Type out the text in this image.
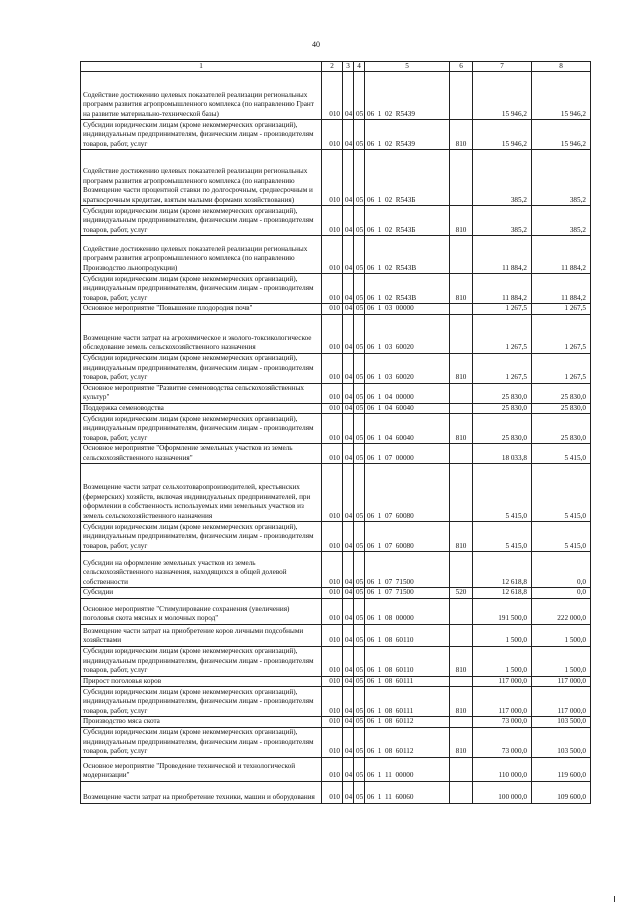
40
1	2	3	4	5	6	7	8
Содействие достижению целевых показателей реализации региональных программ развития агропромышленного комплекса (по направлению Грант на развитие материально-технической базы)	010	04	05	06  1  02  R5439		15 946,2	15 946,2
Субсидии юридическим лицам (кроме некоммерческих организаций), индивидуальным предпринимателям, физическим лицам - производителям товаров, работ, услуг	010	04	05	06  1  02  R5439	810	15 946,2	15 946,2
Содействие достижению целевых показателей реализации региональных программ развития агропромышленного комплекса (по направлению Возмещение части процентной ставки по долгосрочным, среднесрочным и краткосрочным кредитам, взятым малыми формами хозяйствования)	010	04	05	06  1  02  R543Б		385,2	385,2
Субсидии юридическим лицам (кроме некоммерческих организаций), индивидуальным предпринимателям, физическим лицам - производителям товаров, работ, услуг	010	04	05	06  1  02  R543Б	810	385,2	385,2
Содействие достижению целевых показателей реализации региональных программ развития агропромышленного комплекса (по направлению Производство льнопродукции)	010	04	05	06  1  02  R543В		11 884,2	11 884,2
Субсидии юридическим лицам (кроме некоммерческих организаций), индивидуальным предпринимателям, физическим лицам - производителям товаров, работ, услуг	010	04	05	06  1  02  R543В	810	11 884,2	11 884,2
Основное мероприятие "Повышение плодородия почв"	010	04	05	06  1  03  00000		1 267,5	1 267,5
Возмещение части затрат на агрохимическое и эколого-токсикологическое обследование земель сельскохозяйственного назначения	010	04	05	06  1  03  60020		1 267,5	1 267,5
Субсидии юридическим лицам (кроме некоммерческих организаций), индивидуальным предпринимателям, физическим лицам - производителям товаров, работ, услуг	010	04	05	06  1  03  60020	810	1 267,5	1 267,5
Основное мероприятие "Развитие семеноводства сельскохозяйственных культур"	010	04	05	06  1  04  00000		25 830,0	25 830,0
Поддержка семеноводства	010	04	05	06  1  04  60040		25 830,0	25 830,0
Субсидии юридическим лицам (кроме некоммерческих организаций), индивидуальным предпринимателям, физическим лицам - производителям товаров, работ, услуг	010	04	05	06  1  04  60040	810	25 830,0	25 830,0
Основное мероприятие "Оформление земельных участков из земель сельскохозяйственного назначения"	010	04	05	06  1  07  00000		18 033,8	5 415,0
Возмещение части затрат сельхозтоваропроизводителей, крестьянских (фермерских) хозяйств, включая индивидуальных предпринимателей, при оформлении в собственность используемых ими земельных участков из земель сельскохозяйственного назначения	010	04	05	06  1  07  60080		5 415,0	5 415,0
Субсидии юридическим лицам (кроме некоммерческих организаций), индивидуальным предпринимателям, физическим лицам - производителям товаров, работ, услуг	010	04	05	06  1  07  60080	810	5 415,0	5 415,0
Субсидии на оформление земельных участков из земель сельскохозяйственного назначения, находящихся в общей долевой собственности	010	04	05	06  1  07  71500		12 618,8	0,0
Субсидии	010	04	05	06  1  07  71500	520	12 618,8	0,0
Основное мероприятие "Стимулирование сохранения (увеличения) поголовья скота мясных и молочных пород"	010	04	05	06  1  08  00000		191 500,0	222 000,0
Возмещение части затрат на приобретение коров личными подсобными хозяйствами	010	04	05	06  1  08  60110		1 500,0	1 500,0
Субсидии юридическим лицам (кроме некоммерческих организаций), индивидуальным предпринимателям, физическим лицам - производителям товаров, работ, услуг	010	04	05	06  1  08  60110	810	1 500,0	1 500,0
Прирост поголовья коров	010	04	05	06  1  08  60111		117 000,0	117 000,0
Субсидии юридическим лицам (кроме некоммерческих организаций), индивидуальным предпринимателям, физическим лицам - производителям товаров, работ, услуг	010	04	05	06  1  08  60111	810	117 000,0	117 000,0
Производство мяса скота	010	04	05	06  1  08  60112		73 000,0	103 500,0
Субсидии юридическим лицам (кроме некоммерческих организаций), индивидуальным предпринимателям, физическим лицам - производителям товаров, работ, услуг	010	04	05	06  1  08  60112	810	73 000,0	103 500,0
Основное мероприятие "Проведение технической и технологической модернизации"	010	04	05	06  1  11  00000		110 000,0	119 600,0
Возмещение части затрат на приобретение техники, машин и оборудования	010	04	05	06  1  11  60060		100 000,0	109 600,0
